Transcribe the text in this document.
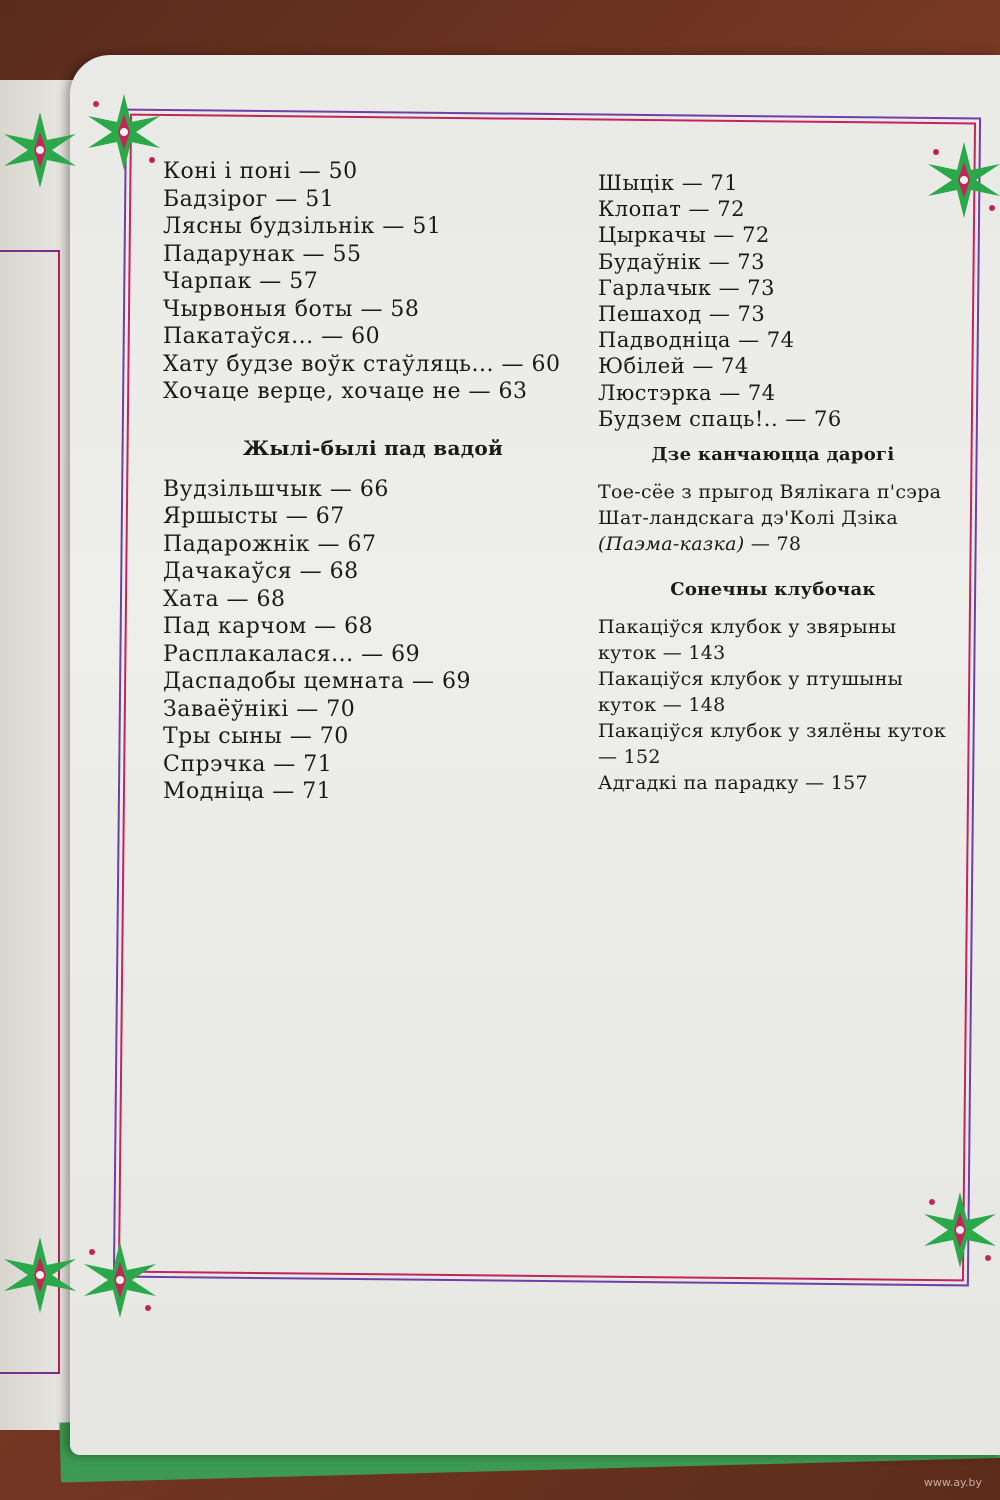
Коні і поні — 50
Бадзірог — 51
Лясны будзільнік — 51
Падарунак — 55
Чарпак — 57
Чырвоныя боты — 58
Пакатаўся... — 60
Хату будзе воўк стаўляць... — 60
Хочаце верце, хочаце не — 63
Жылі-былі пад вадой
Вудзільшчык — 66
Яршысты — 67
Падарожнік — 67
Дачакаўся — 68
Хата — 68
Пад карчом — 68
Расплакалася... — 69
Даспадобы цемната — 69
Заваёўнікі — 70
Тры сыны — 70
Спрэчка — 71
Модніца — 71
Шыцік — 71
Клопат — 72
Цыркачы — 72
Будаўнік — 73
Гарлачык — 73
Пешаход — 73
Падводніца — 74
Юбілей — 74
Люстэрка — 74
Будзем спаць!.. — 76
Дзе канчаюцца дарогі
Тое-сёе з прыгод Вялікага п'сэра Шат-ландскага дэ'Колі Дзіка (Паэма-казка) — 78
Сонечны клубочак
Пакаціўся клубок у звярыны куток — 143
Пакаціўся клубок у птушыны куток — 148
Пакаціўся клубок у зялёны куток — 152
Адгадкі па парадку — 157
www.ay.by
